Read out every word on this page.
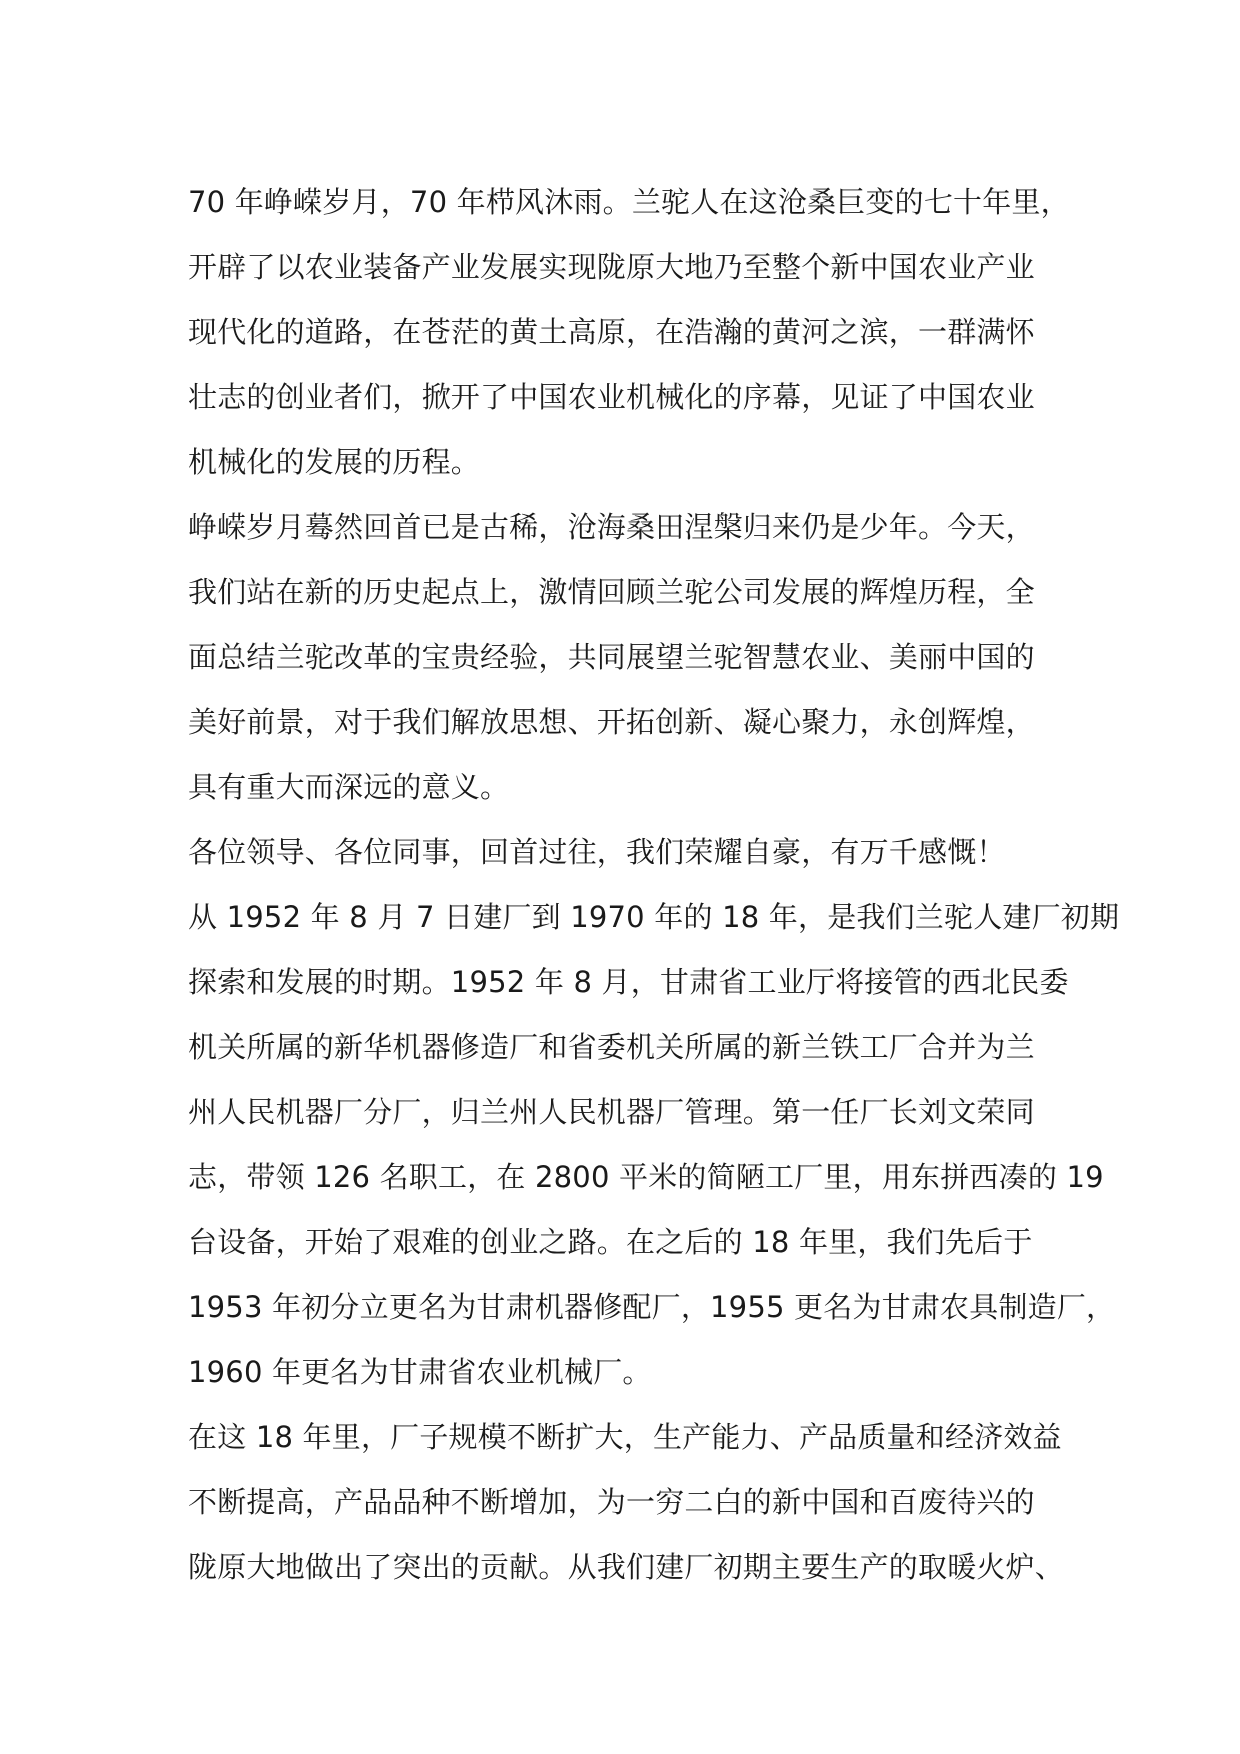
70 年峥嵘岁月，70 年栉风沐雨。兰驼人在这沧桑巨变的七十年里，
开辟了以农业装备产业发展实现陇原大地乃至整个新中国农业产业
现代化的道路，在苍茫的黄土高原，在浩瀚的黄河之滨，一群满怀
壮志的创业者们，掀开了中国农业机械化的序幕，见证了中国农业
机械化的发展的历程。
峥嵘岁月蓦然回首已是古稀，沧海桑田涅槃归来仍是少年。今天，
我们站在新的历史起点上，激情回顾兰驼公司发展的辉煌历程，全
面总结兰驼改革的宝贵经验，共同展望兰驼智慧农业、美丽中国的
美好前景，对于我们解放思想、开拓创新、凝心聚力，永创辉煌，
具有重大而深远的意义。
各位领导、各位同事，回首过往，我们荣耀自豪，有万千感慨！
从 1952 年 8 月 7 日建厂到 1970 年的 18 年，是我们兰驼人建厂初期
探索和发展的时期。1952 年 8 月，甘肃省工业厅将接管的西北民委
机关所属的新华机器修造厂和省委机关所属的新兰铁工厂合并为兰
州人民机器厂分厂，归兰州人民机器厂管理。第一任厂长刘文荣同
志，带领 126 名职工，在 2800 平米的简陋工厂里，用东拼西凑的 19
台设备，开始了艰难的创业之路。在之后的 18 年里，我们先后于
1953 年初分立更名为甘肃机器修配厂，1955 更名为甘肃农具制造厂，
1960 年更名为甘肃省农业机械厂。
在这 18 年里，厂子规模不断扩大，生产能力、产品质量和经济效益
不断提高，产品品种不断增加，为一穷二白的新中国和百废待兴的
陇原大地做出了突出的贡献。从我们建厂初期主要生产的取暖火炉、
